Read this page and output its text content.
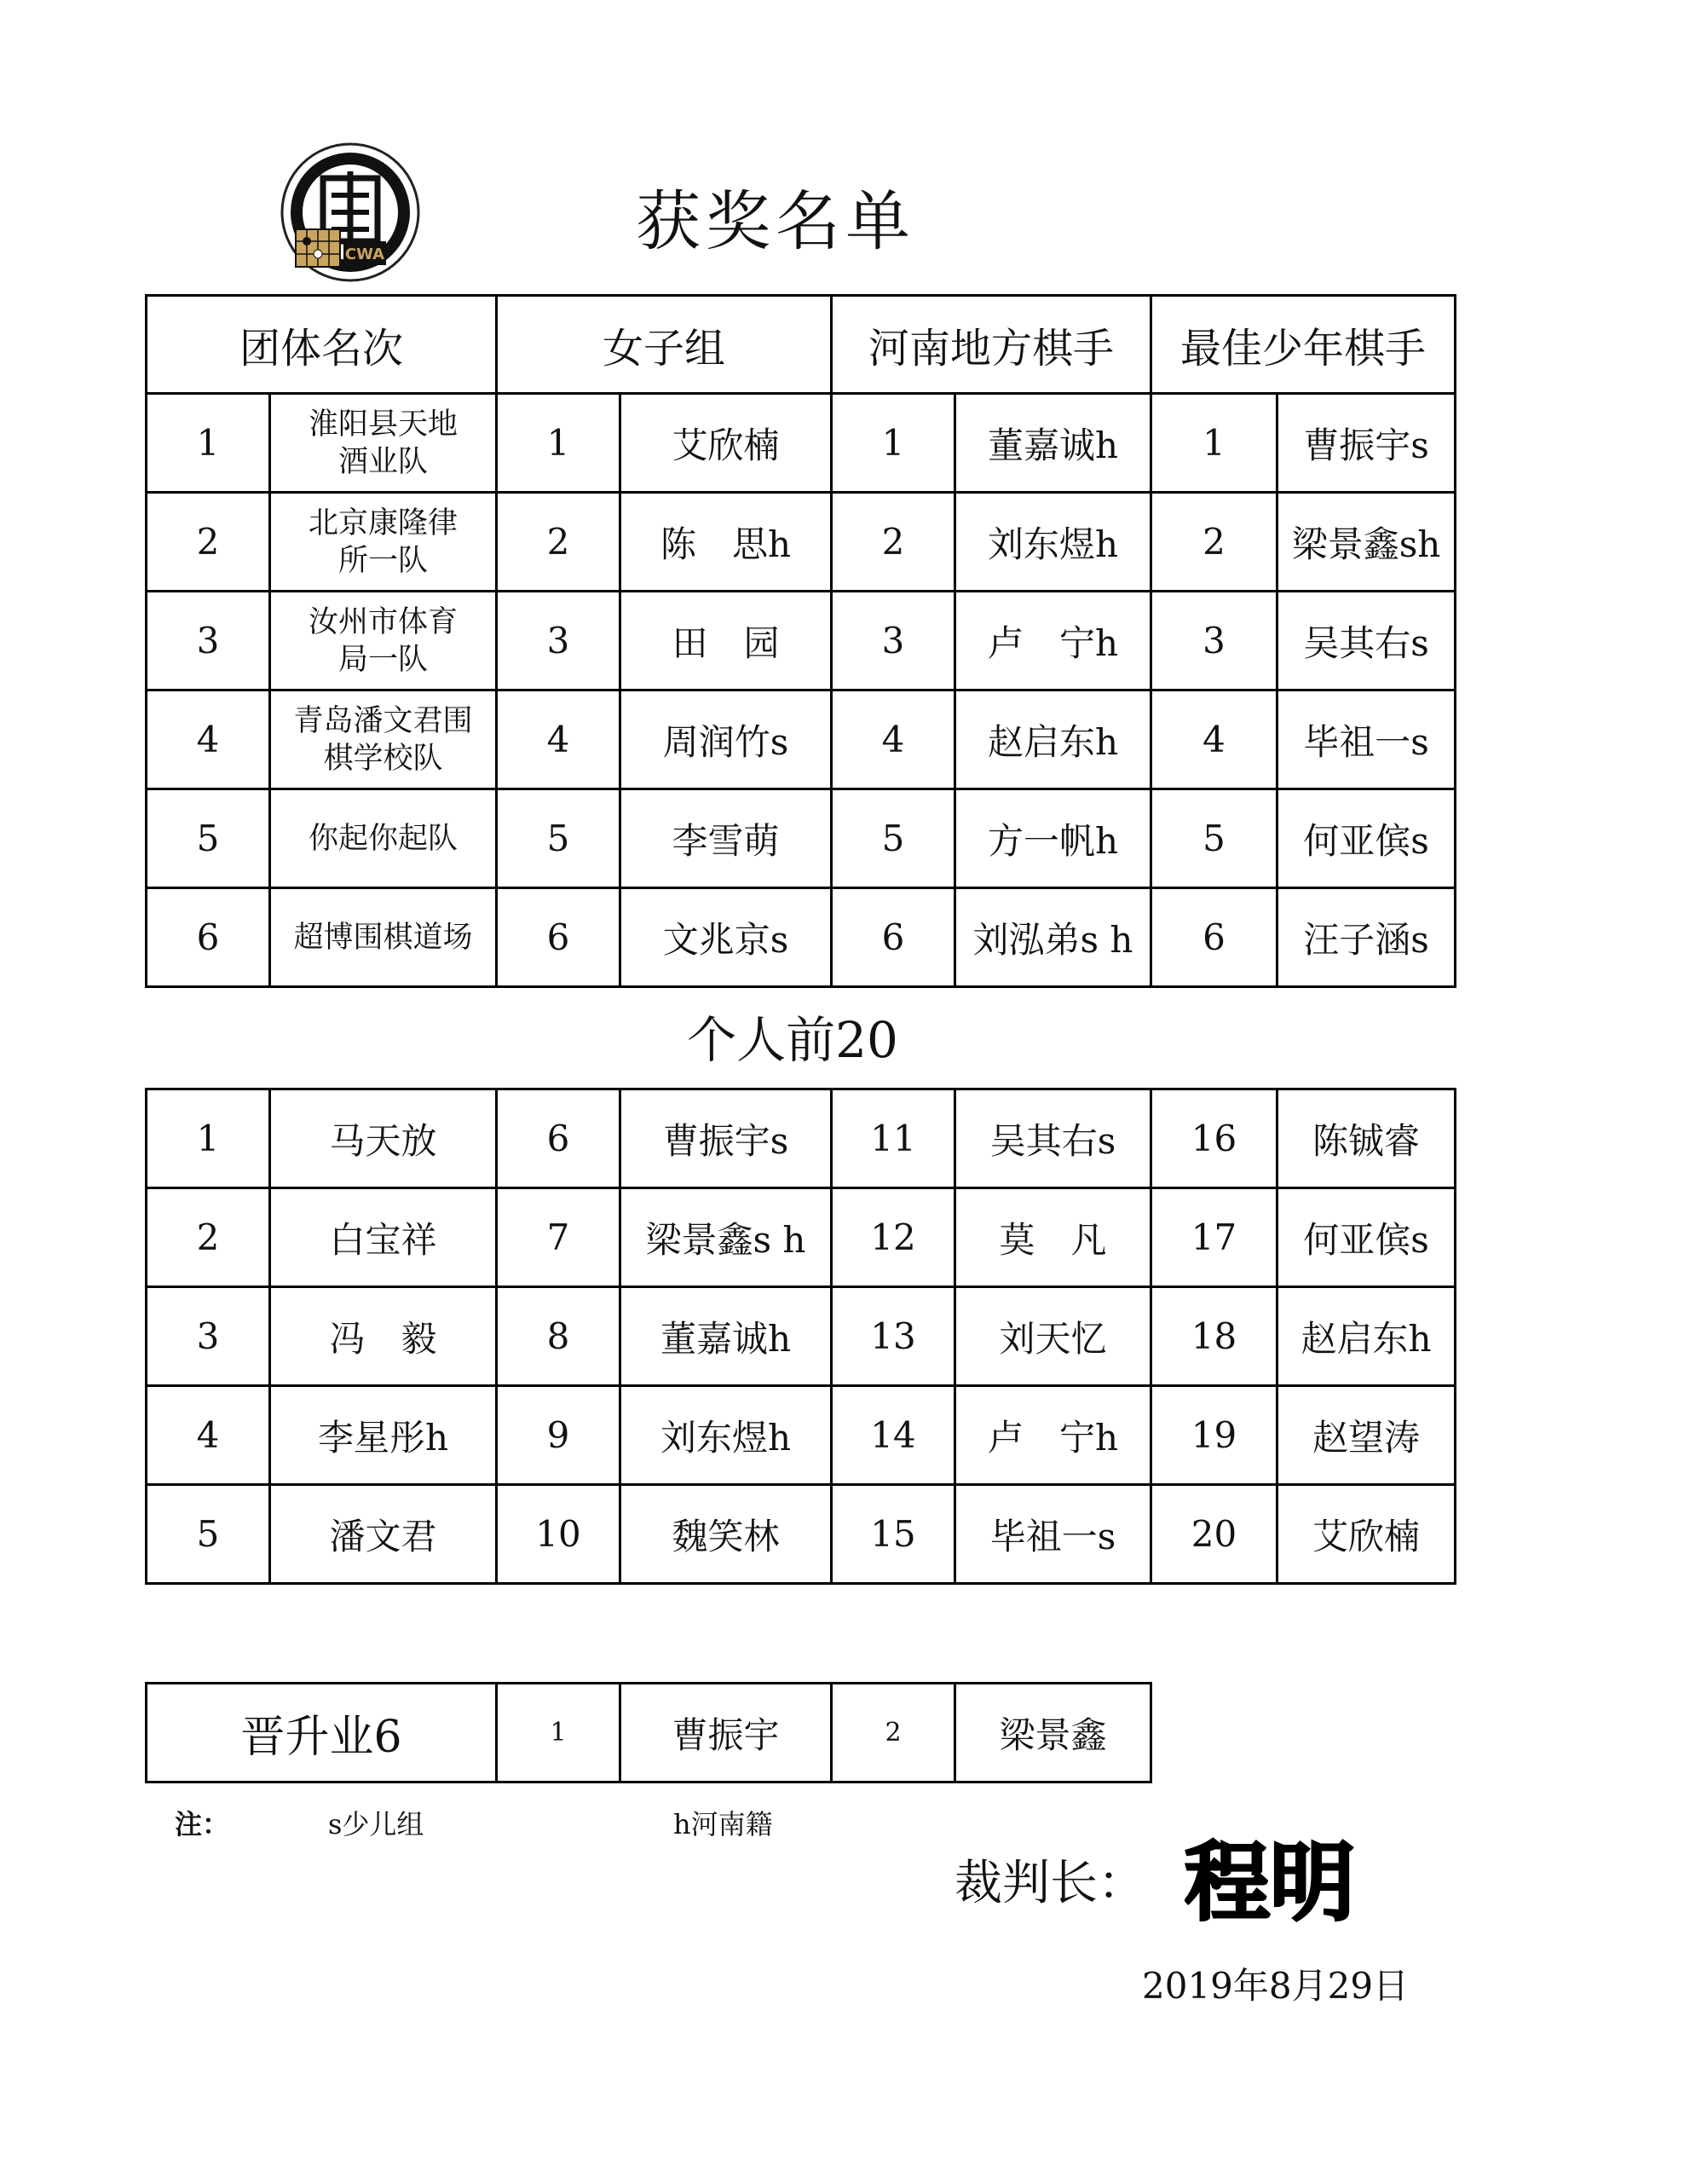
CWA	获奖名单
团体名次		女子组		河南地方棋手		最佳少年棋手	
1	淮阳县天地酒业队	1	艾欣楠	1	董嘉诚h	1	曹振宇s
2	北京康隆律所一队	2	陈　思h	2	刘东煜h	2	梁景鑫sh
3	汝州市体育局一队	3	田　园	3	卢　宁h	3	吴其右s
4	青岛潘文君围棋学校队	4	周润竹s	4	赵启东h	4	毕祖一s
5	你起你起队	5	李雪萌	5	方一帆h	5	何亚傧s
6	超博围棋道场	6	文兆京s	6	刘泓弟s h	6	汪子涵s
个人前20
1	马天放	6	曹振宇s	11	吴其右s	16	陈铖睿
2	白宝祥	7	梁景鑫s h	12	莫　凡	17	何亚傧s
3	冯　毅	8	董嘉诚h	13	刘天忆	18	赵启东h
4	李星彤h	9	刘东煜h	14	卢　宁h	19	赵望涛
5	潘文君	10	魏笑林	15	毕祖一s	20	艾欣楠
晋升业6	1	曹振宇	2	梁景鑫
注：	s少儿组	h河南籍
裁判长： 程明
2019年8月29日
